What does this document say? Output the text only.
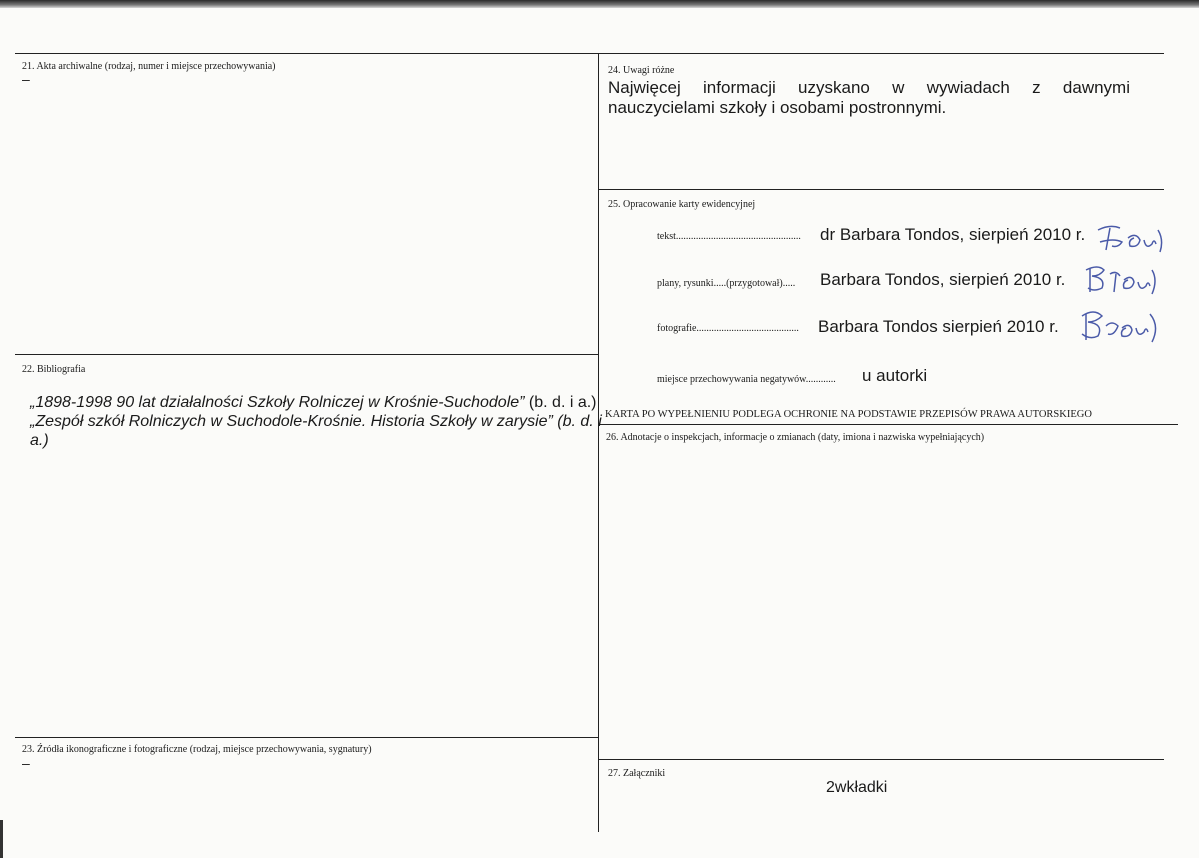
21. Akta archiwalne (rodzaj, numer i miejsce przechowywania)
–
22. Bibliografia

„1898-1998 90 lat działalności Szkoły Rolniczej w Krośnie-Suchodole” (b. d. i a.)

„Zespół szkół Rolniczych w Suchodole-Krośnie. Historia Szkoły w zarysie” (b. d. i a.)

23. Źródła ikonograficzne i fotograficzne (rodzaj, miejsce przechowywania, sygnatury)
–
24. Uwagi różne
Najwięcej informacji uzyskano w wywiadach z dawnymi
nauczycielami szkoły i osobami postronnymi.
25. Opracowanie karty ewidencyjnej
tekst.................................................. dr Barbara Tondos, sierpień 2010 r.
plany, rysunki.....(przygotował)..... Barbara Tondos, sierpień 2010 r.
fotografie......................................... Barbara Tondos sierpień 2010 r.
miejsce przechowywania negatywów............ u autorki
KARTA PO WYPEŁNIENIU PODLEGA OCHRONIE NA PODSTAWIE PRZEPISÓW PRAWA AUTORSKIEGO
26. Adnotacje o inspekcjach, informacje o zmianach (daty, imiona i nazwiska wypełniających)
27. Załączniki
2wkładki
